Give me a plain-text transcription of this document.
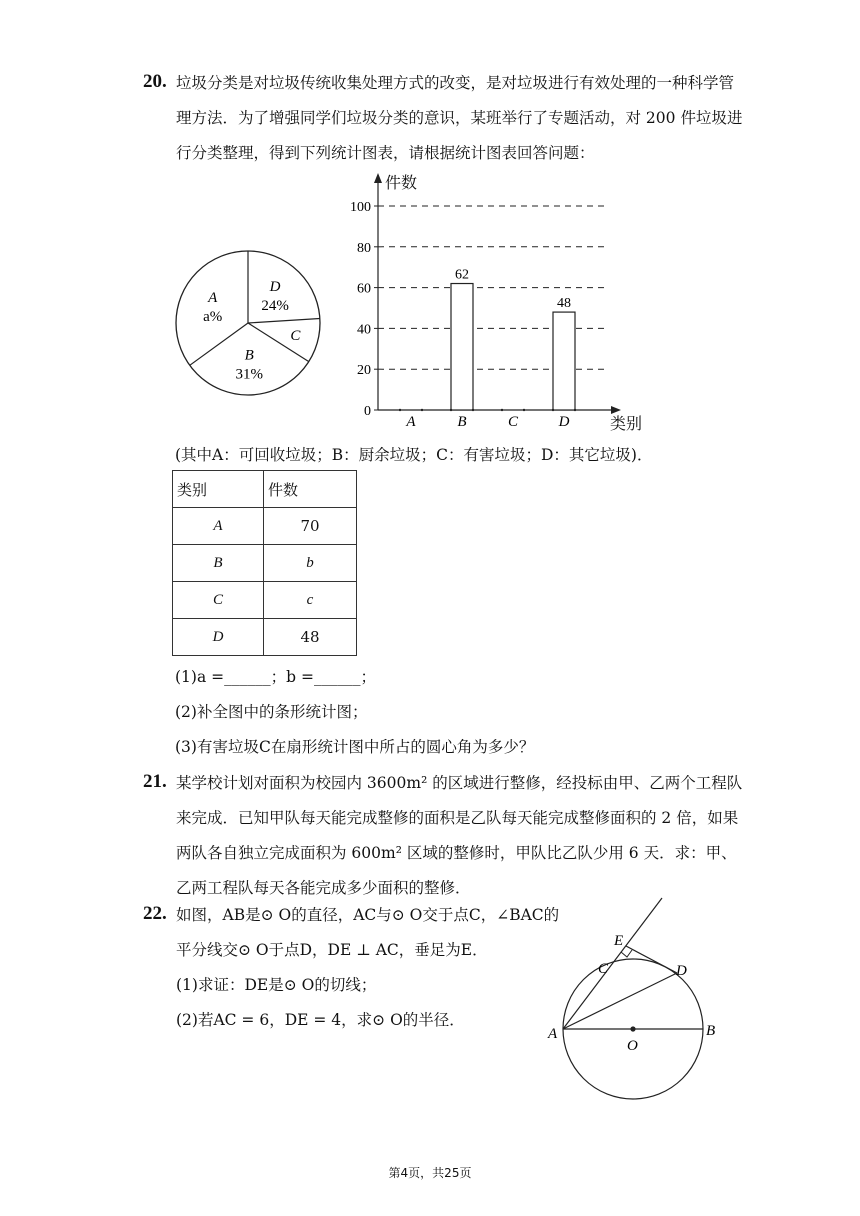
20. 垃圾分类是对垃圾传统收集处理方式的改变，是对垃圾进行有效处理的一种科学管
理方法．为了增强同学们垃圾分类的意识，某班举行了专题活动，对 200 件垃圾进
行分类整理，得到下列统计图表，请根据统计图表回答问题：
D
24%
C
B
31%
A
a%
件数
类别
0
20
40
60
80
100
62
48
A	B	C	D
(其中A：可回收垃圾；B：厨余垃圾；C：有害垃圾；D：其它垃圾)．
类别	件数
A	70
B	b
C	c
D	48
(1)a =______；b =______；
(2)补全图中的条形统计图；
(3)有害垃圾C在扇形统计图中所占的圆心角为多少？
21. 某学校计划对面积为校园内 3600m² 的区域进行整修，经投标由甲、乙两个工程队
来完成．已知甲队每天能完成整修的面积是乙队每天能完成整修面积的 2 倍，如果
两队各自独立完成面积为 600m² 区域的整修时，甲队比乙队少用 6 天．求：甲、
乙两工程队每天各能完成多少面积的整修．
22. 如图，AB是⊙ O的直径，AC与⊙ O交于点C，∠BAC的
平分线交⊙ O于点D，DE ⊥ AC，垂足为E．
(1)求证：DE是⊙ O的切线；
(2)若AC = 6，DE = 4，求⊙ O的半径．
A	B
C	D
E
O
第4页，共25页
